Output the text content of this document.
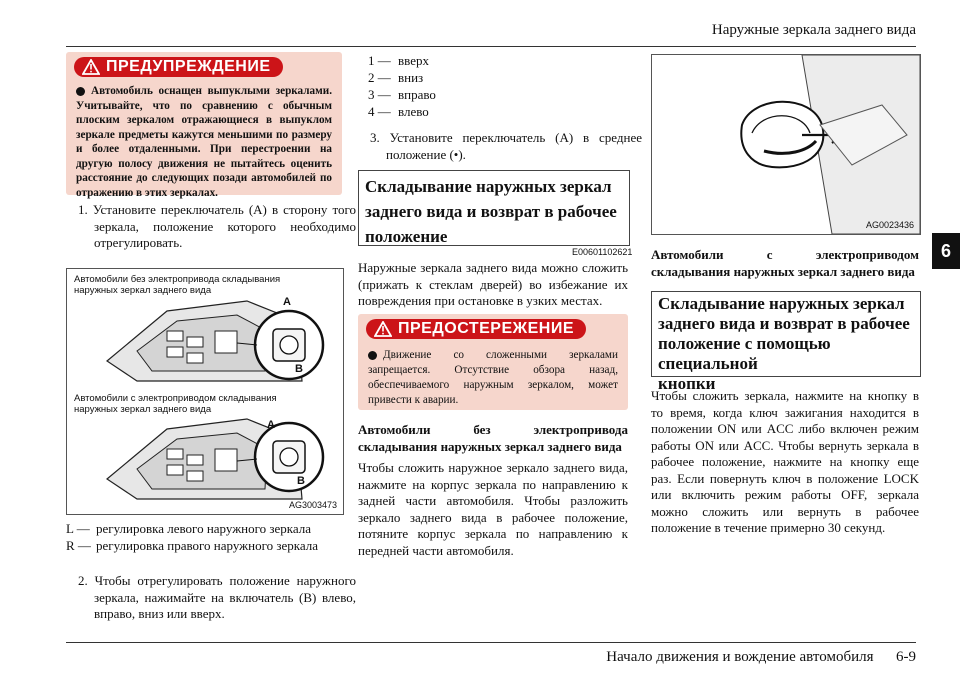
Наружные зеркала заднего вида
6
ПРЕДУПРЕЖДЕНИЕ
Автомобиль оснащен выпуклыми зеркалами. Учитывайте, что по сравнению с обычным плоским зеркалом отражающиеся в выпуклом зеркале предметы кажутся меньшими по размеру и более отдаленными. При перестроении на другую полосу движения не пытайтесь оценить расстояние до следующих позади автомобилей по отражению в этих зеркалах.
1. Установите переключатель (A) в сторону того зеркала, положение которого необходимо отрегулировать.
Автомобили без электропривода складывания наружных зеркал заднего вида
A
B
Автомобили с электроприводом складывания наружных зеркал заднего вида
A
B
AG3003473
L — регулировка левого наружного зеркала
R — регулировка правого наружного зеркала
2. Чтобы отрегулировать положение наружного зеркала, нажимайте на включатель (B) влево, вправо, вниз или вверх.
1 — вверх
2 — вниз
3 — вправо
4 — влево
3. Установите переключатель (A) в среднее положение (•).
Складывание наружных зеркал
заднего вида и возврат в рабочее
положение
E00601102621
Наружные зеркала заднего вида можно сложить (прижать к стеклам дверей) во избежание их повреждения при остановке в узких местах.
ПРЕДОСТЕРЕЖЕНИЕ
Движение со сложенными зеркалами запрещается. Отсутствие обзора назад, обеспечиваемого наружным зеркалом, может привести к аварии.
Автомобили без электропривода складывания наружных зеркал заднего вида
Чтобы сложить наружное зеркало заднего вида, нажмите на корпус зеркала по направлению к задней части автомобиля. Чтобы разложить зеркало заднего вида в рабочее положение, потяните корпус зеркала по направлению к передней части автомобиля.
AG0023436
Автомобили с электроприводом складывания наружных зеркал заднего вида
Складывание наружных зеркал
заднего вида и возврат в рабочее
положение с помощью специальной
кнопки
Чтобы сложить зеркала, нажмите на кнопку в то время, когда ключ зажигания находится в положении ON или ACC либо включен режим работы ON или ACC. Чтобы вернуть зеркала в рабочее положение, нажмите на кнопку еще раз. Если повернуть ключ в положение LOCK или включить режим работы OFF, зеркала можно сложить или вернуть в рабочее положение в течение примерно 30 секунд.
Начало движения и вождение автомобиля      6-9
